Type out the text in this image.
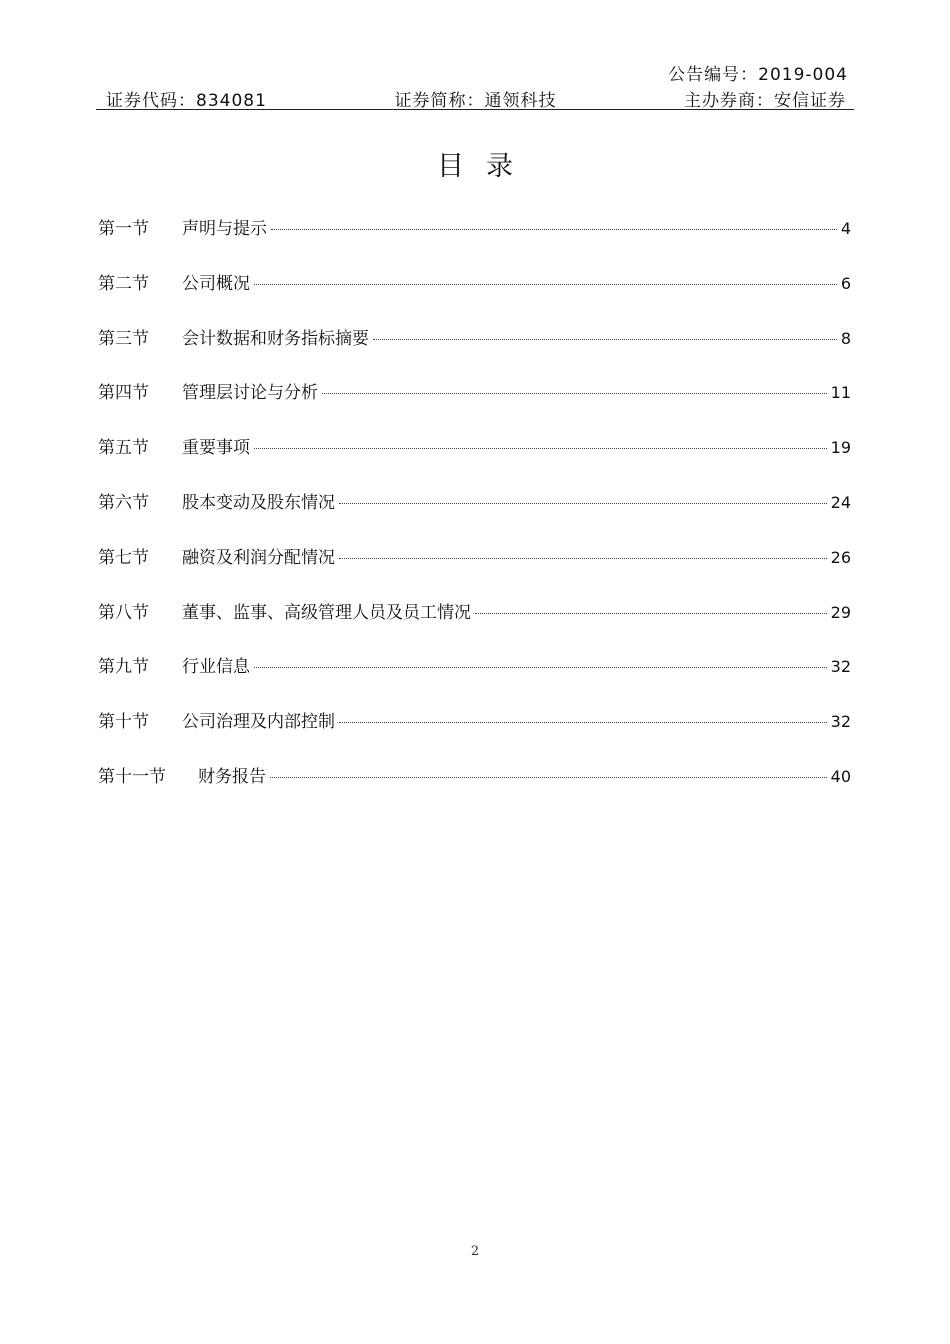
公告编号：2019-004
证券代码：834081	证券简称：通领科技	主办券商：安信证券
目录
第一节	声明与提示	4
第二节	公司概况	6
第三节	会计数据和财务指标摘要	8
第四节	管理层讨论与分析	11
第五节	重要事项	19
第六节	股本变动及股东情况	24
第七节	融资及利润分配情况	26
第八节	董事、监事、高级管理人员及员工情况	29
第九节	行业信息	32
第十节	公司治理及内部控制	32
第十一节	财务报告	40
2
